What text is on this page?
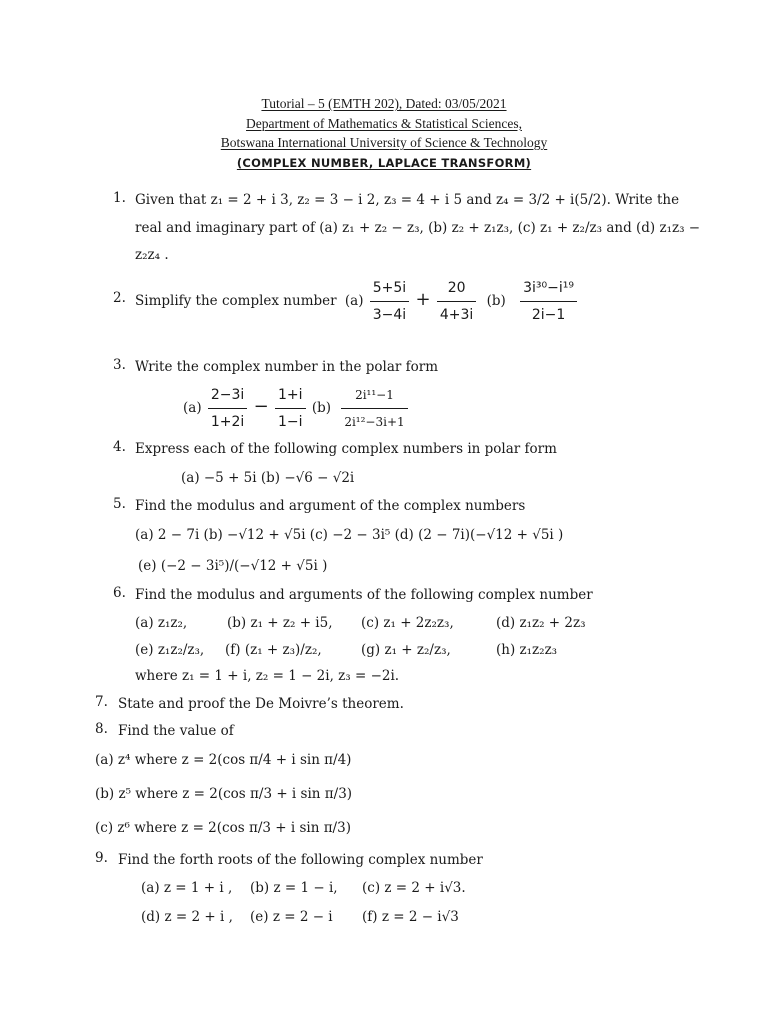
Tutorial – 5 (EMTH 202), Dated: 03/05/2021
Department of Mathematics & Statistical Sciences,
Botswana International University of Science & Technology
(COMPLEX NUMBER, LAPLACE TRANSFORM)
1. Given that z₁ = 2 + i 3, z₂ = 3 − i 2, z₃ = 4 + i 5 and z₄ = 3/2 + i(5/2). Write the
real and imaginary part of (a) z₁ + z₂ − z₃, (b) z₂ + z₁z₃, (c) z₁ + z₂/z₃ and (d) z₁z₃ −
z₂z₄ .
2. Simplify the complex number $(a) \frac{5+5i}{3-4i} + \frac{20}{4+3i} (b) \frac{\text{3i³⁰−i¹⁹}}{2i-1}$
3. Write the complex number in the polar form
$(a) \frac{2-3i}{1+2i} - \frac{1+i}{1-i} (b) \frac{\text{2i¹¹−1}}{\text{2i¹²−3i+1}}$
4. Express each of the following complex numbers in polar form
(a) −5 + 5i (b) −√6 − √2i
5. Find the modulus and argument of the complex numbers
(a) 2 − 7i (b) −√12 + √5i (c) −2 − 3i⁵ (d) (2 − 7i)(−√12 + √5i )
(e) (−2 − 3i⁵)/(−√12 + √5i )
6. Find the modulus and arguments of the following complex number
(a) z₁z₂,	(b) z₁ + z₂ + i5, (c) z₁ + 2z₂z₃,	(d) z₁z₂ + 2z₃
(e) z₁z₂/z₃, (f) (z₁ + z₃)/z₂,	(g) z₁ + z₂/z₃,	(h) z₁z₂z₃
where z₁ = 1 + i, z₂ = 1 − 2i, z₃ = −2i.
7. State and proof the De Moivre’s theorem.
8. Find the value of
(a) z⁴ where z = 2(cos π/4 + i sin π/4)
(b) z⁵ where z = 2(cos π/3 + i sin π/3)
(c) z⁶ where z = 2(cos π/3 + i sin π/3)
9. Find the forth roots of the following complex number
(a) z = 1 + i , (b) z = 1 − i, (c) z = 2 + i√3.
(d) z = 2 + i , (e) z = 2 − i (f) z = 2 − i√3
